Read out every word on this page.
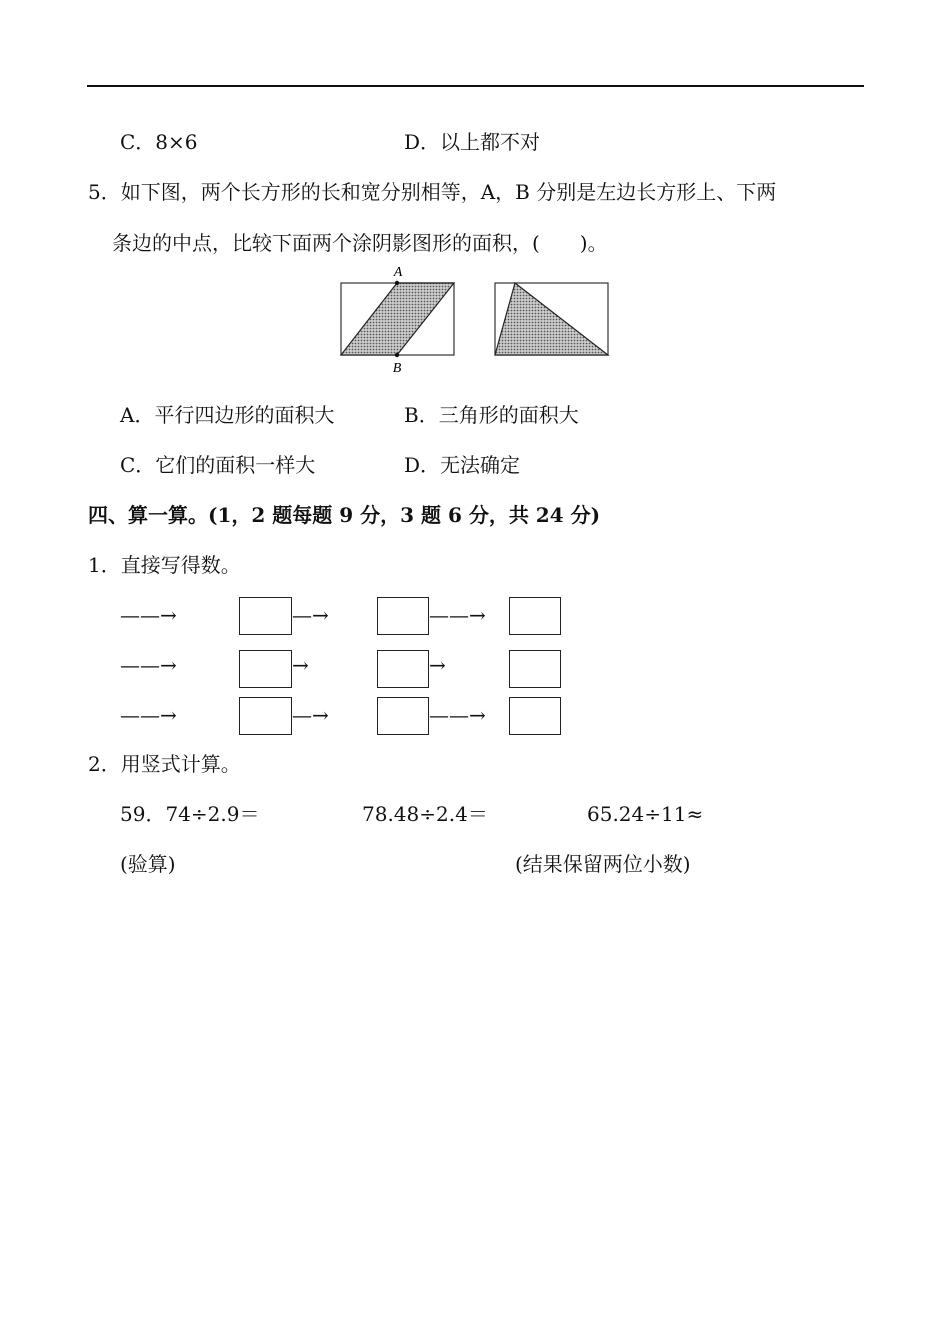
C．8×6	D．以上都不对
5．如下图，两个长方形的长和宽分别相等，A，B 分别是左边长方形上、下两
条边的中点，比较下面两个涂阴影图形的面积，(　　)。
A
B
A．平行四边形的面积大	B．三角形的面积大
C．它们的面积一样大	D．无法确定
四、算一算。(1，2 题每题 9 分，3 题 6 分，共 24 分)
1．直接写得数。
——→	—→	——→
——→	→	→
——→	—→	——→
2．用竖式计算。
59．74÷2.9＝	78.48÷2.4＝	65.24÷11≈
(验算)	(结果保留两位小数)
